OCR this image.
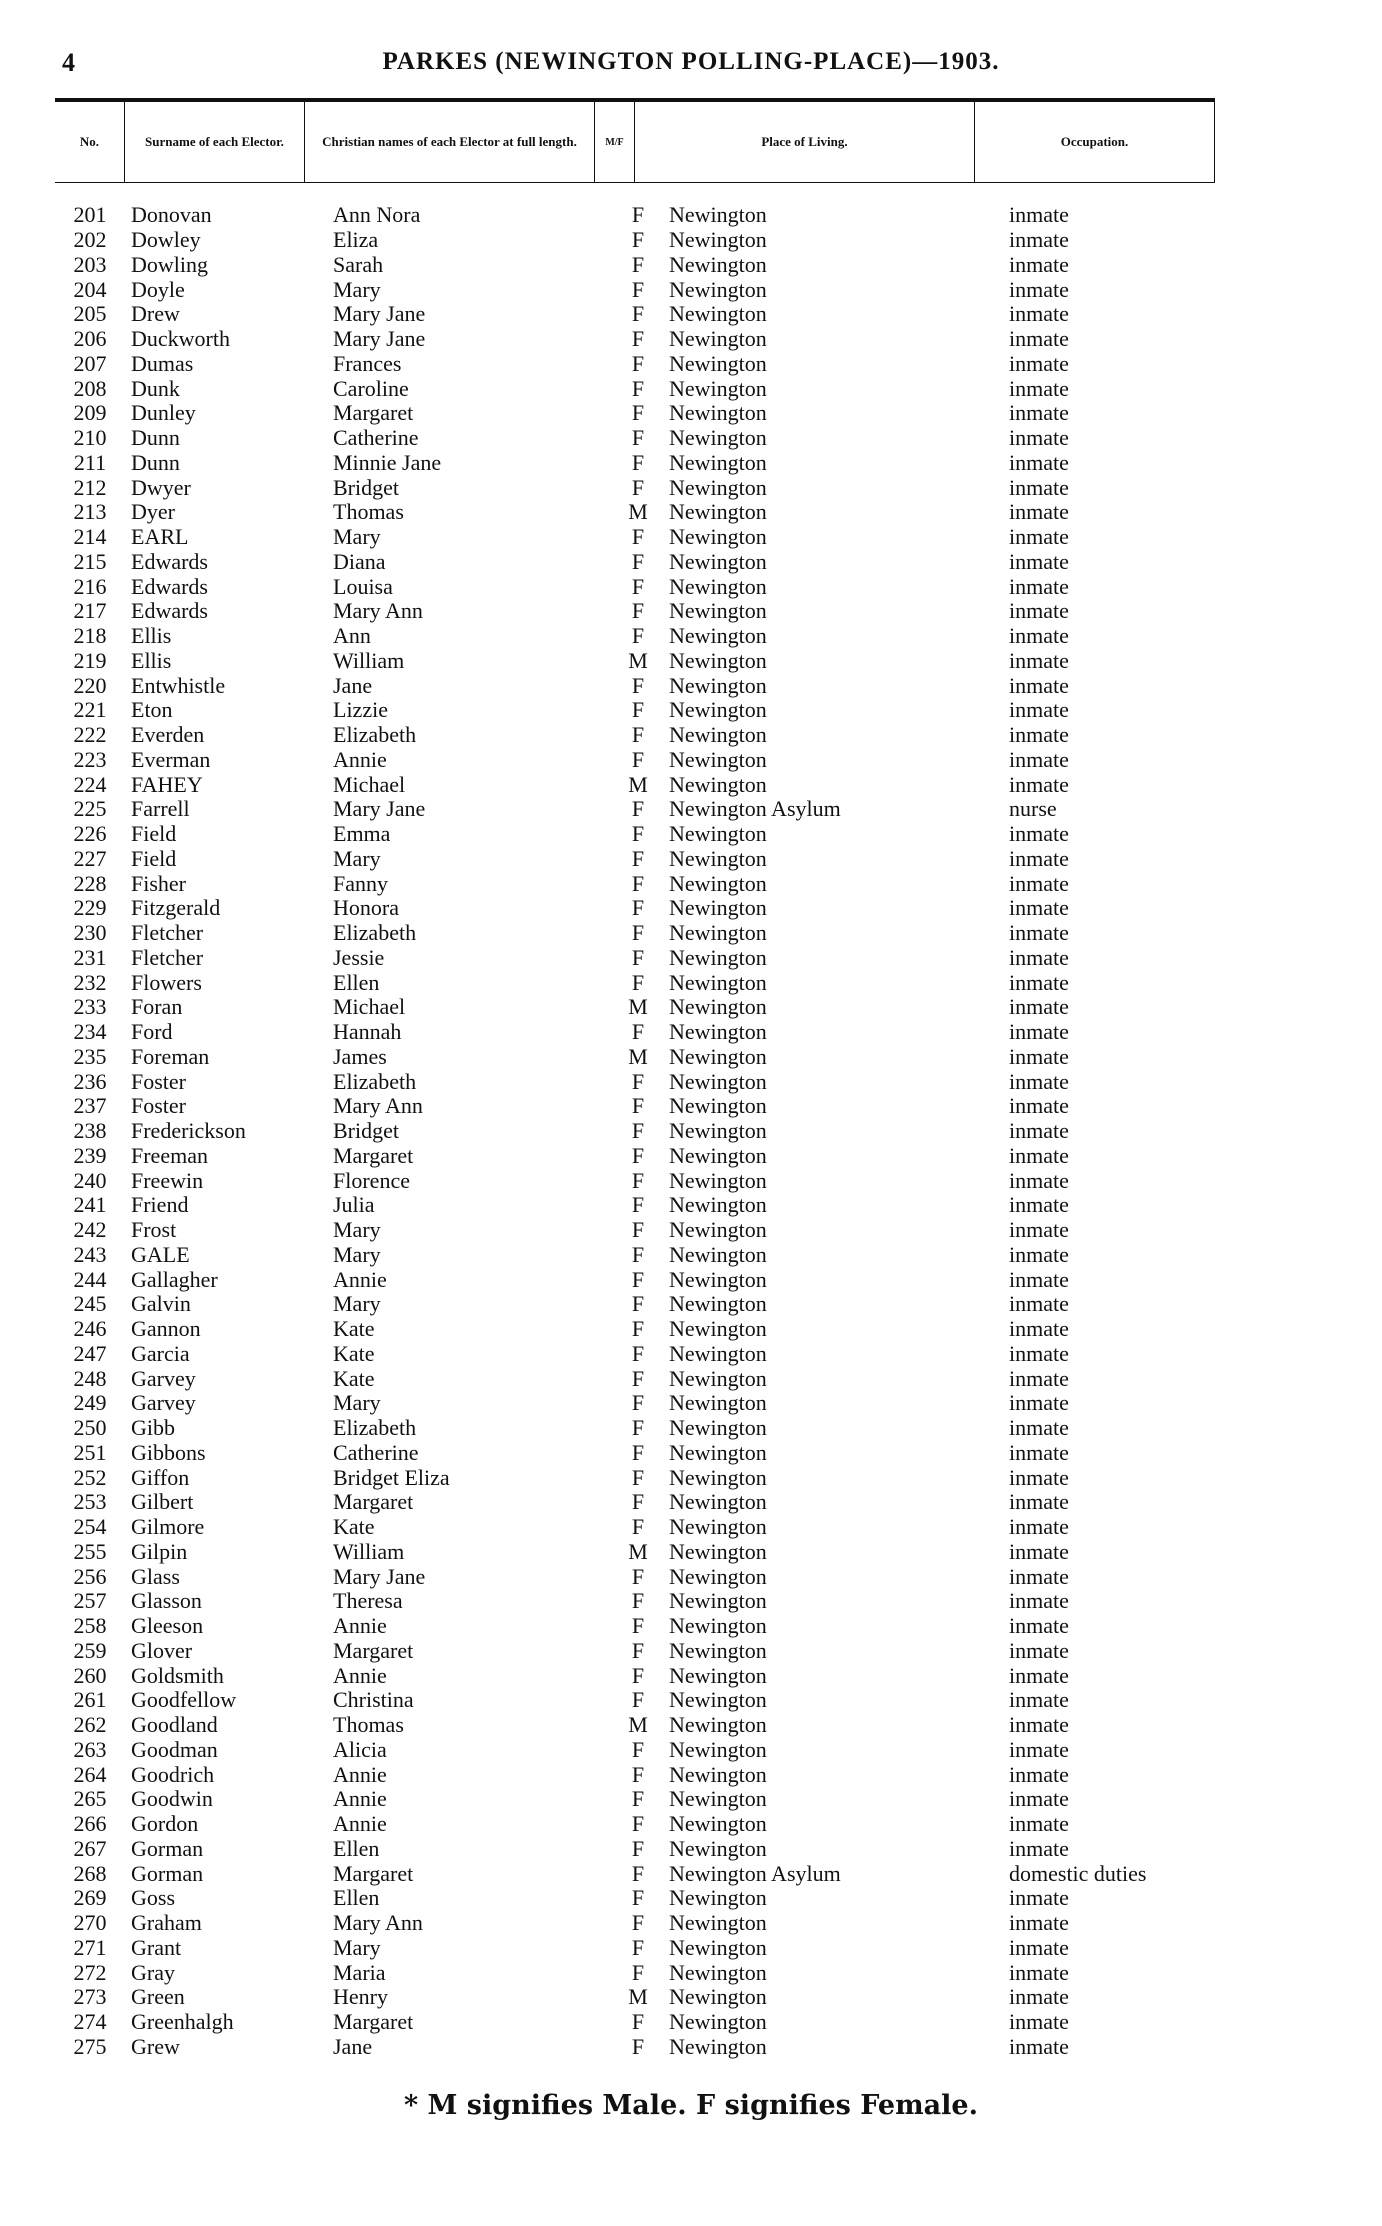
4	PARKES (NEWINGTON POLLING-PLACE)—1903.
No.	Surname of each Elector.	Christian names of each Elector at full length.	M/F	Place of Living.	Occupation.
201	Donovan	Ann Nora	F	Newington	inmate
202	Dowley	Eliza	F	Newington	inmate
203	Dowling	Sarah	F	Newington	inmate
204	Doyle	Mary	F	Newington	inmate
205	Drew	Mary Jane	F	Newington	inmate
206	Duckworth	Mary Jane	F	Newington	inmate
207	Dumas	Frances	F	Newington	inmate
208	Dunk	Caroline	F	Newington	inmate
209	Dunley	Margaret	F	Newington	inmate
210	Dunn	Catherine	F	Newington	inmate
211	Dunn	Minnie Jane	F	Newington	inmate
212	Dwyer	Bridget	F	Newington	inmate
213	Dyer	Thomas	M	Newington	inmate
214	EARL	Mary	F	Newington	inmate
215	Edwards	Diana	F	Newington	inmate
216	Edwards	Louisa	F	Newington	inmate
217	Edwards	Mary Ann	F	Newington	inmate
218	Ellis	Ann	F	Newington	inmate
219	Ellis	William	M	Newington	inmate
220	Entwhistle	Jane	F	Newington	inmate
221	Eton	Lizzie	F	Newington	inmate
222	Everden	Elizabeth	F	Newington	inmate
223	Everman	Annie	F	Newington	inmate
224	FAHEY	Michael	M	Newington	inmate
225	Farrell	Mary Jane	F	Newington Asylum	nurse
226	Field	Emma	F	Newington	inmate
227	Field	Mary	F	Newington	inmate
228	Fisher	Fanny	F	Newington	inmate
229	Fitzgerald	Honora	F	Newington	inmate
230	Fletcher	Elizabeth	F	Newington	inmate
231	Fletcher	Jessie	F	Newington	inmate
232	Flowers	Ellen	F	Newington	inmate
233	Foran	Michael	M	Newington	inmate
234	Ford	Hannah	F	Newington	inmate
235	Foreman	James	M	Newington	inmate
236	Foster	Elizabeth	F	Newington	inmate
237	Foster	Mary Ann	F	Newington	inmate
238	Frederickson	Bridget	F	Newington	inmate
239	Freeman	Margaret	F	Newington	inmate
240	Freewin	Florence	F	Newington	inmate
241	Friend	Julia	F	Newington	inmate
242	Frost	Mary	F	Newington	inmate
243	GALE	Mary	F	Newington	inmate
244	Gallagher	Annie	F	Newington	inmate
245	Galvin	Mary	F	Newington	inmate
246	Gannon	Kate	F	Newington	inmate
247	Garcia	Kate	F	Newington	inmate
248	Garvey	Kate	F	Newington	inmate
249	Garvey	Mary	F	Newington	inmate
250	Gibb	Elizabeth	F	Newington	inmate
251	Gibbons	Catherine	F	Newington	inmate
252	Giffon	Bridget Eliza	F	Newington	inmate
253	Gilbert	Margaret	F	Newington	inmate
254	Gilmore	Kate	F	Newington	inmate
255	Gilpin	William	M	Newington	inmate
256	Glass	Mary Jane	F	Newington	inmate
257	Glasson	Theresa	F	Newington	inmate
258	Gleeson	Annie	F	Newington	inmate
259	Glover	Margaret	F	Newington	inmate
260	Goldsmith	Annie	F	Newington	inmate
261	Goodfellow	Christina	F	Newington	inmate
262	Goodland	Thomas	M	Newington	inmate
263	Goodman	Alicia	F	Newington	inmate
264	Goodrich	Annie	F	Newington	inmate
265	Goodwin	Annie	F	Newington	inmate
266	Gordon	Annie	F	Newington	inmate
267	Gorman	Ellen	F	Newington	inmate
268	Gorman	Margaret	F	Newington Asylum	domestic duties
269	Goss	Ellen	F	Newington	inmate
270	Graham	Mary Ann	F	Newington	inmate
271	Grant	Mary	F	Newington	inmate
272	Gray	Maria	F	Newington	inmate
273	Green	Henry	M	Newington	inmate
274	Greenhalgh	Margaret	F	Newington	inmate
275	Grew	Jane	F	Newington	inmate
* M signifies Male. F signifies Female.
